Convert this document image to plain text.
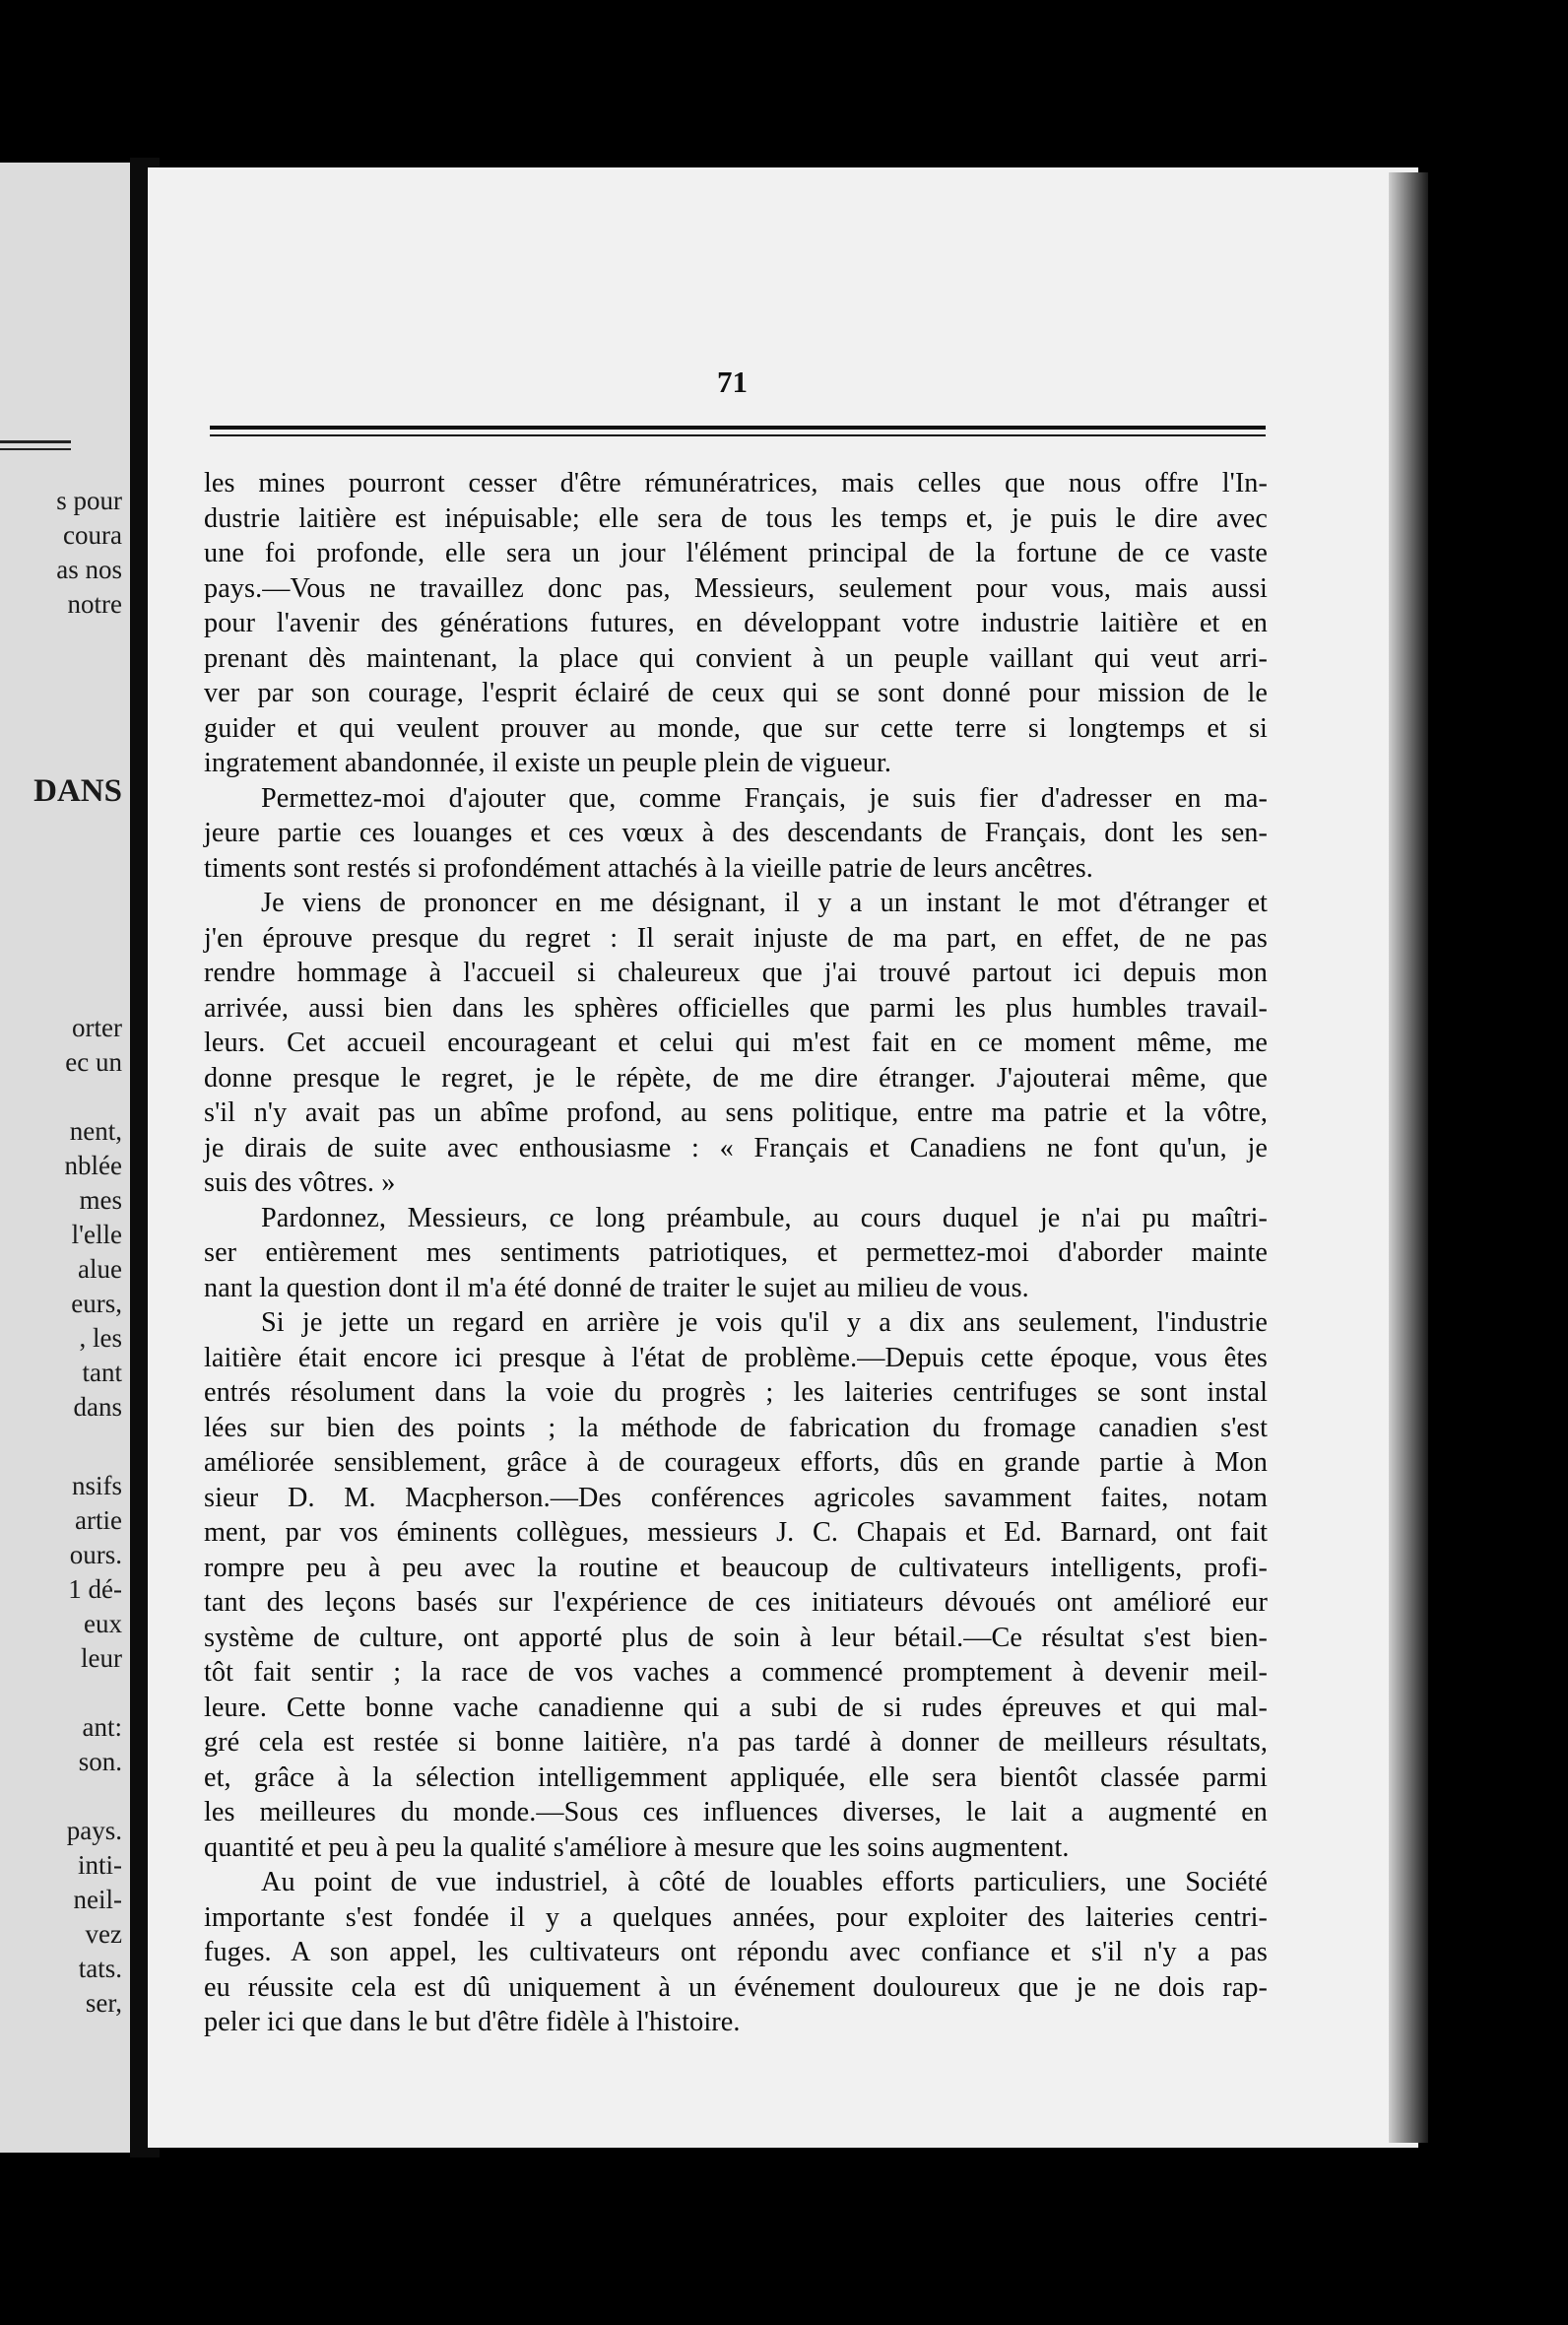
s pour
coura
as nos
notre
DANS
orter
ec un
nent,
nblée
mes
l'elle
alue
eurs,
, les
tant
dans
nsifs
artie
ours.
1 dé-
eux
leur
ant:
son.
pays.
inti-
neil-
vez
tats.
ser,
71
les mines pourront cesser d'être rémunératrices, mais celles que nous offre l'In-
dustrie laitière est inépuisable; elle sera de tous les temps et, je puis le dire avec
une foi profonde, elle sera un jour l'élément principal de la fortune de ce vaste
pays.—Vous ne travaillez donc pas, Messieurs, seulement pour vous, mais aussi
pour l'avenir des générations futures, en développant votre industrie laitière et en
prenant dès maintenant, la place qui convient à un peuple vaillant qui veut arri-
ver par son courage, l'esprit éclairé de ceux qui se sont donné pour mission de le
guider et qui veulent prouver au monde, que sur cette terre si longtemps et si
ingratement abandonnée, il existe un peuple plein de vigueur.
Permettez-moi d'ajouter que, comme Français, je suis fier d'adresser en ma-
jeure partie ces louanges et ces vœux à des descendants de Français, dont les sen-
timents sont restés si profondément attachés à la vieille patrie de leurs ancêtres.
Je viens de prononcer en me désignant, il y a un instant le mot d'étranger et
j'en éprouve presque du regret : Il serait injuste de ma part, en effet, de ne pas
rendre hommage à l'accueil si chaleureux que j'ai trouvé partout ici depuis mon
arrivée, aussi bien dans les sphères officielles que parmi les plus humbles travail-
leurs. Cet accueil encourageant et celui qui m'est fait en ce moment même, me
donne presque le regret, je le répète, de me dire étranger. J'ajouterai même, que
s'il n'y avait pas un abîme profond, au sens politique, entre ma patrie et la vôtre,
je dirais de suite avec enthousiasme : « Français et Canadiens ne font qu'un, je
suis des vôtres. »
Pardonnez, Messieurs, ce long préambule, au cours duquel je n'ai pu maîtri-
ser entièrement mes sentiments patriotiques, et permettez-moi d'aborder mainte
nant la question dont il m'a été donné de traiter le sujet au milieu de vous.
Si je jette un regard en arrière je vois qu'il y a dix ans seulement, l'industrie
laitière était encore ici presque à l'état de problème.—Depuis cette époque, vous êtes
entrés résolument dans la voie du progrès ; les laiteries centrifuges se sont instal
lées sur bien des points ; la méthode de fabrication du fromage canadien s'est
améliorée sensiblement, grâce à de courageux efforts, dûs en grande partie à Mon
sieur D. M. Macpherson.—Des conférences agricoles savamment faites, notam
ment, par vos éminents collègues, messieurs J. C. Chapais et Ed. Barnard, ont fait
rompre peu à peu avec la routine et beaucoup de cultivateurs intelligents, profi-
tant des leçons basés sur l'expérience de ces initiateurs dévoués ont amélioré eur
système de culture, ont apporté plus de soin à leur bétail.—Ce résultat s'est bien-
tôt fait sentir ; la race de vos vaches a commencé promptement à devenir meil-
leure. Cette bonne vache canadienne qui a subi de si rudes épreuves et qui mal-
gré cela est restée si bonne laitière, n'a pas tardé à donner de meilleurs résultats,
et, grâce à la sélection intelligemment appliquée, elle sera bientôt classée parmi
les meilleures du monde.—Sous ces influences diverses, le lait a augmenté en
quantité et peu à peu la qualité s'améliore à mesure que les soins augmentent.
Au point de vue industriel, à côté de louables efforts particuliers, une Société
importante s'est fondée il y a quelques années, pour exploiter des laiteries centri-
fuges. A son appel, les cultivateurs ont répondu avec confiance et s'il n'y a pas
eu réussite cela est dû uniquement à un événement douloureux que je ne dois rap-
peler ici que dans le but d'être fidèle à l'histoire.
